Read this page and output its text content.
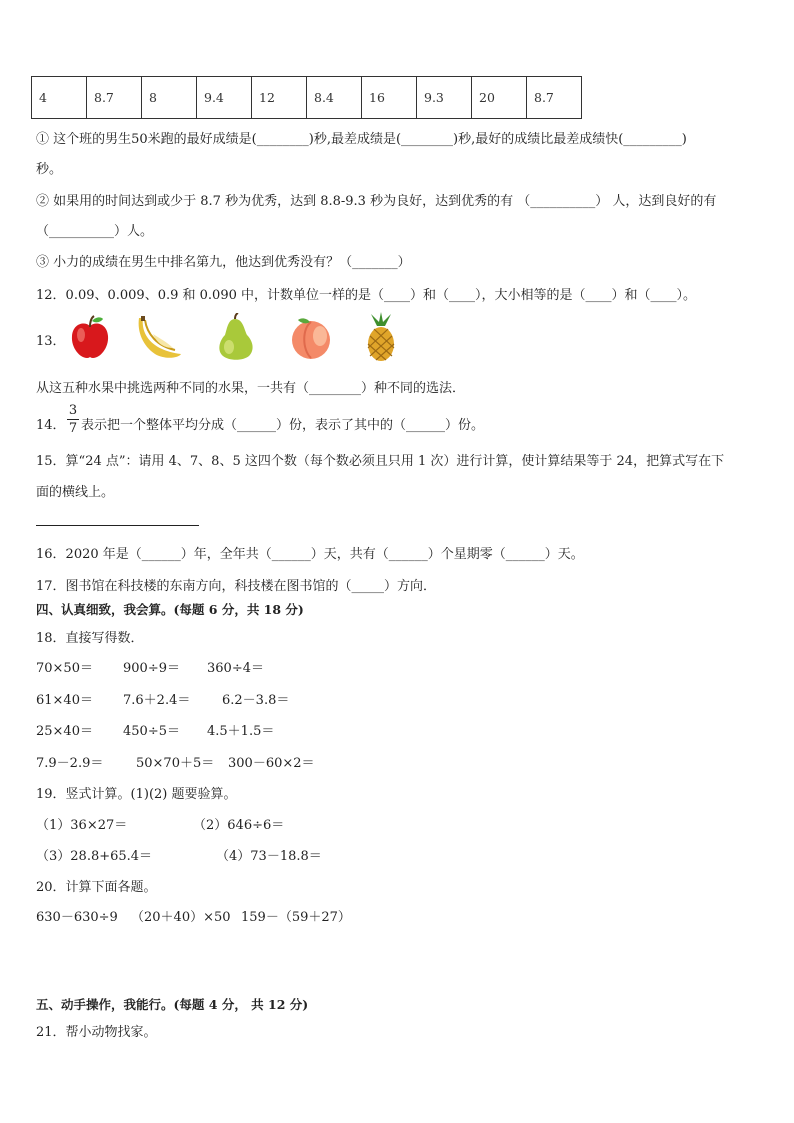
4	8.7	8	9.4	12	8.4	16	9.3	20	8.7
① 这个班的男生50米跑的最好成绩是(________)秒,最差成绩是(________)秒,最好的成绩比最差成绩快(_________)
秒。
② 如果用的时间达到或少于 8.7 秒为优秀，达到 8.8-9.3 秒为良好，达到优秀的有 （__________） 人，达到良好的有
（__________）人。
③ 小力的成绩在男生中排名第九，他达到优秀没有？（_______）
12．0.09、0.009、0.9 和 0.090 中，计数单位一样的是（____）和（____），大小相等的是（____）和（____）。
13．
从这五种水果中挑选两种不同的水果，一共有（________）种不同的选法．
14．
3
7 表示把一个整体平均分成（______）份，表示了其中的（______）份。
15．算“24 点”：请用 4、7、8、5 这四个数（每个数必须且只用 1 次）进行计算，使计算结果等于 24，把算式写在下
面的横线上。
16．2020 年是（______）年，全年共（______）天，共有（______）个星期零（______）天。
17．图书馆在科技楼的东南方向，科技楼在图书馆的（_____）方向．
四、认真细致，我会算。(每题 6 分，共 18 分)
18．直接写得数．
70×50＝ 900÷9＝ 360÷4＝
61×40＝ 7.6＋2.4＝ 6.2－3.8＝
25×40＝ 450÷5＝ 4.5＋1.5＝
7.9－2.9＝	50×70＋5＝ 300－60×2＝
19．竖式计算。(1)(2) 题要验算。
（1）36×27＝	（2）646÷6＝
（3）28.8+65.4＝	（4）73－18.8＝
20．计算下面各题。
630－630÷9 （20＋40）×50 159－（59＋27）
五、动手操作，我能行。(每题 4 分， 共 12 分)
21．帮小动物找家。
